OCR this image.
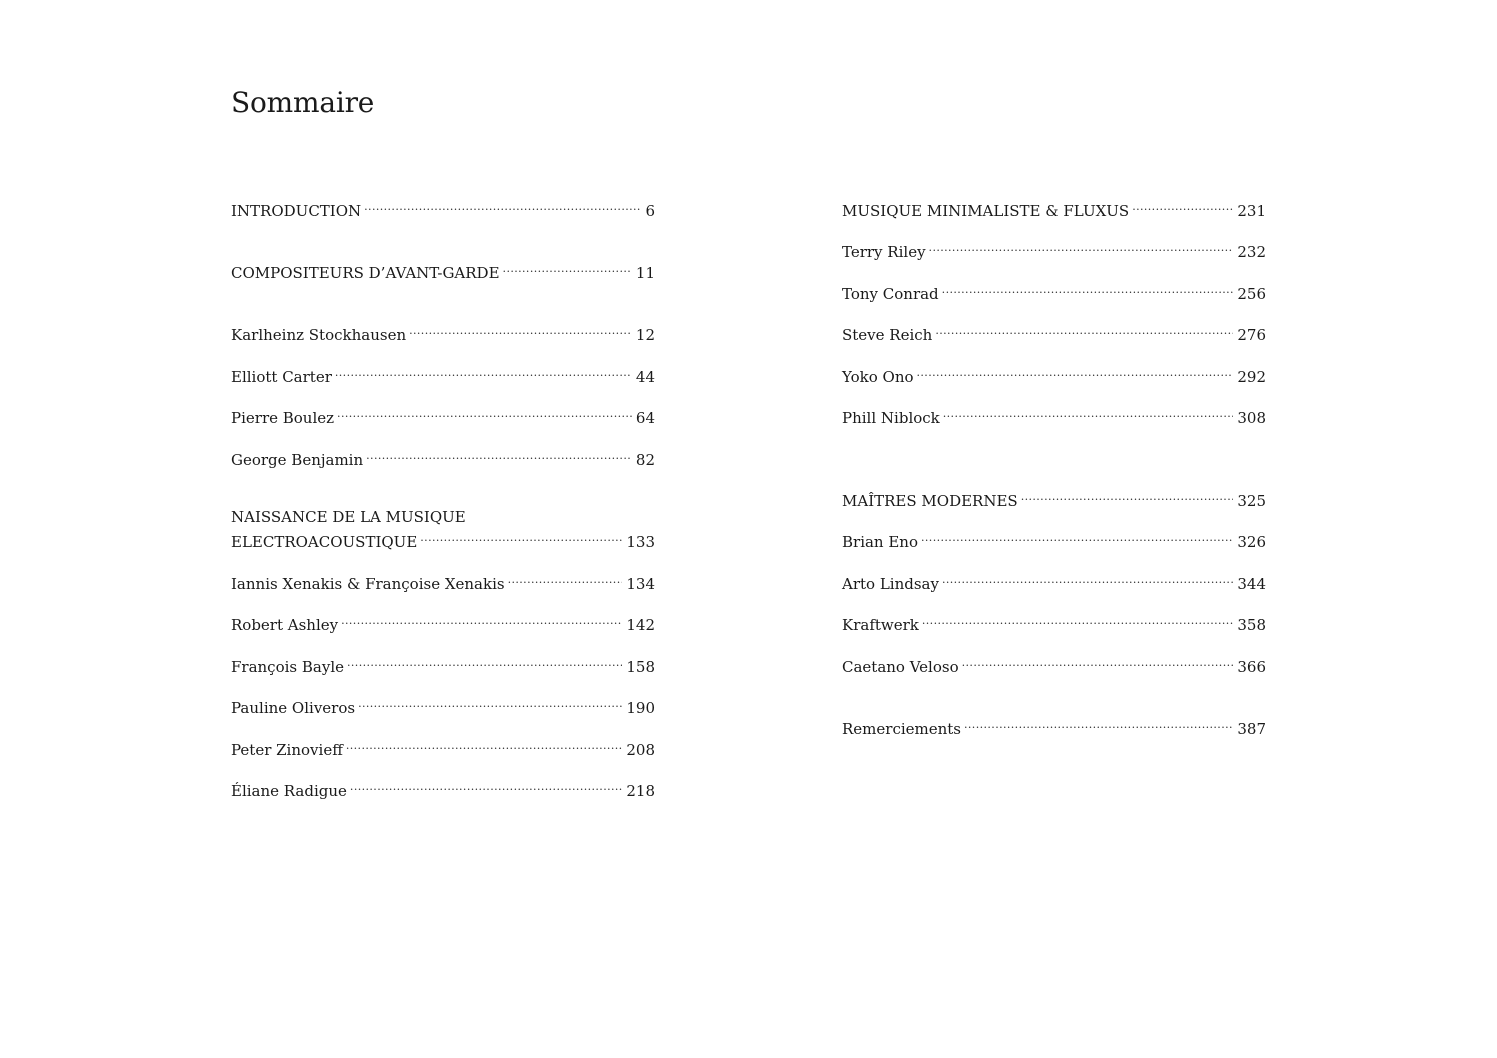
Sommaire
INTRODUCTION .....	6
COMPOSITEURS D’AVANT-GARDE .....	11
Karlheinz Stockhausen .....	12
Elliott Carter .....	44
Pierre Boulez .....	64
George Benjamin .....	82
NAISSANCE DE LA MUSIQUE
ELECTROACOUSTIQUE .....	133
Iannis Xenakis & Françoise Xenakis .....	134
Robert Ashley .....	142
François Bayle .....	158
Pauline Oliveros .....	190
Peter Zinovieff .....	208
Éliane Radigue .....	218
MUSIQUE MINIMALISTE & FLUXUS .....	231
Terry Riley .....	232
Tony Conrad .....	256
Steve Reich .....	276
Yoko Ono .....	292
Phill Niblock .....	308
MAÎTRES MODERNES .....	325
Brian Eno .....	326
Arto Lindsay .....	344
Kraftwerk .....	358
Caetano Veloso .....	366
Remerciements .....	387
